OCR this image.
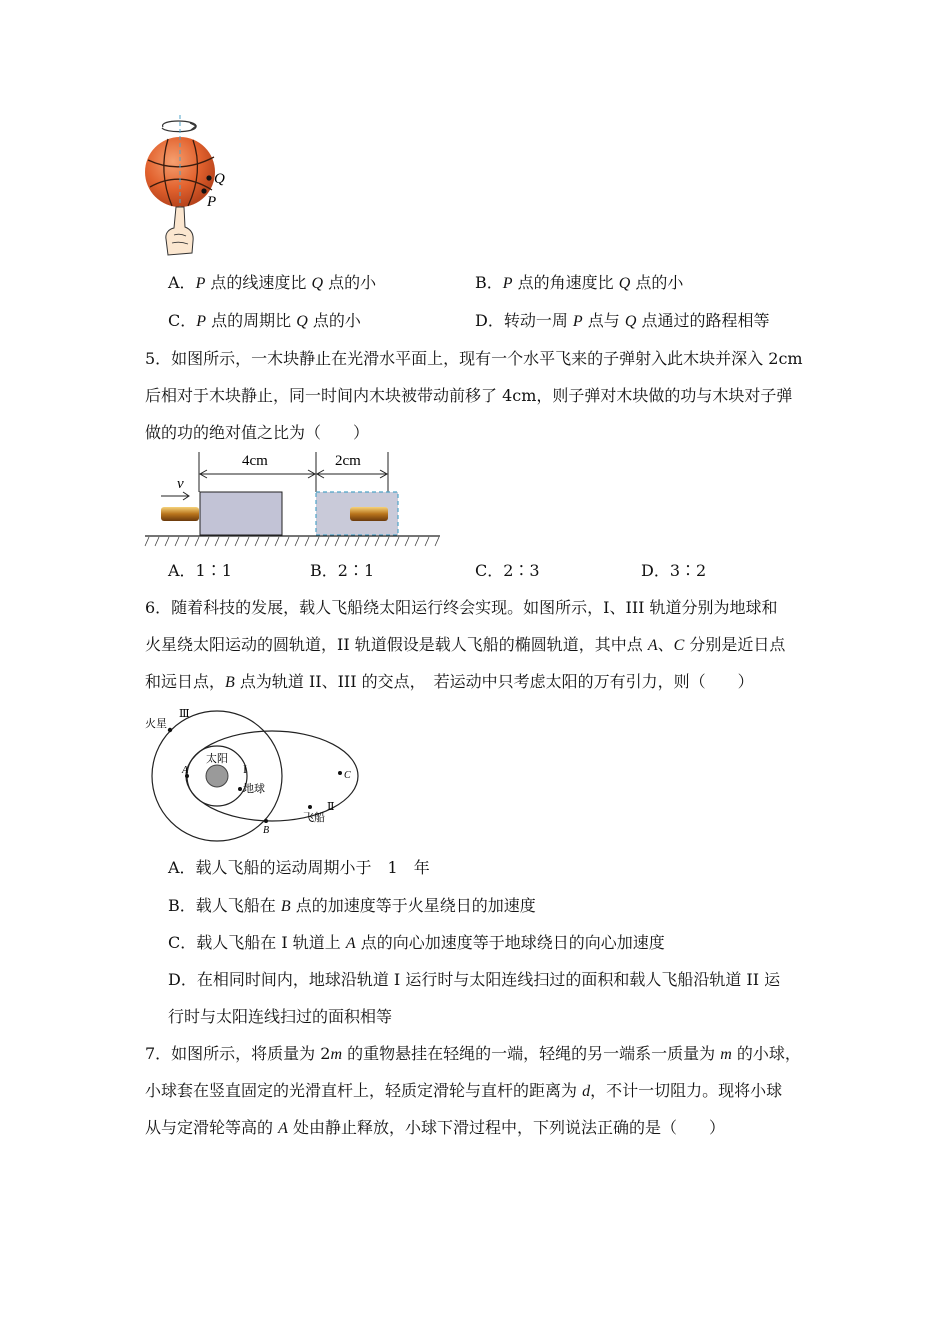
Q
P
A．P 点的线速度比 Q 点的小	B．P 点的角速度比 Q 点的小
C．P 点的周期比 Q 点的小	D．转动一周 P 点与 Q 点通过的路程相等
5．如图所示，一木块静止在光滑水平面上，现有一个水平飞来的子弹射入此木块并深入 2cm
后相对于木块静止，同一时间内木块被带动前移了 4cm，则子弹对木块做的功与木块对子弹
做的功的绝对值之比为（　　）
4cm	2cm
v
A．1∶1	B．2∶1	C．2∶3	D．3∶2
6．随着科技的发展，载人飞船绕太阳运行终会实现。如图所示，I、III 轨道分别为地球和
火星绕太阳运动的圆轨道，II 轨道假设是载人飞船的椭圆轨道，其中点 A、C 分别是近日点
和远日点，B 点为轨道 II、III 的交点，　若运动中只考虑太阳的万有引力，则（　　）
太阳
I
地球
A
火星
Ⅲ
B
C
Ⅱ
飞船
A．载人飞船的运动周期小于　1　年
B．载人飞船在 B 点的加速度等于火星绕日的加速度
C．载人飞船在 I 轨道上 A 点的向心加速度等于地球绕日的向心加速度
D．在相同时间内，地球沿轨道 I 运行时与太阳连线扫过的面积和载人飞船沿轨道 II 运
行时与太阳连线扫过的面积相等
7．如图所示，将质量为 2m 的重物悬挂在轻绳的一端，轻绳的另一端系一质量为 m 的小球，
小球套在竖直固定的光滑直杆上，轻质定滑轮与直杆的距离为 d，不计一切阻力。现将小球
从与定滑轮等高的 A 处由静止释放，小球下滑过程中，下列说法正确的是（　　）
